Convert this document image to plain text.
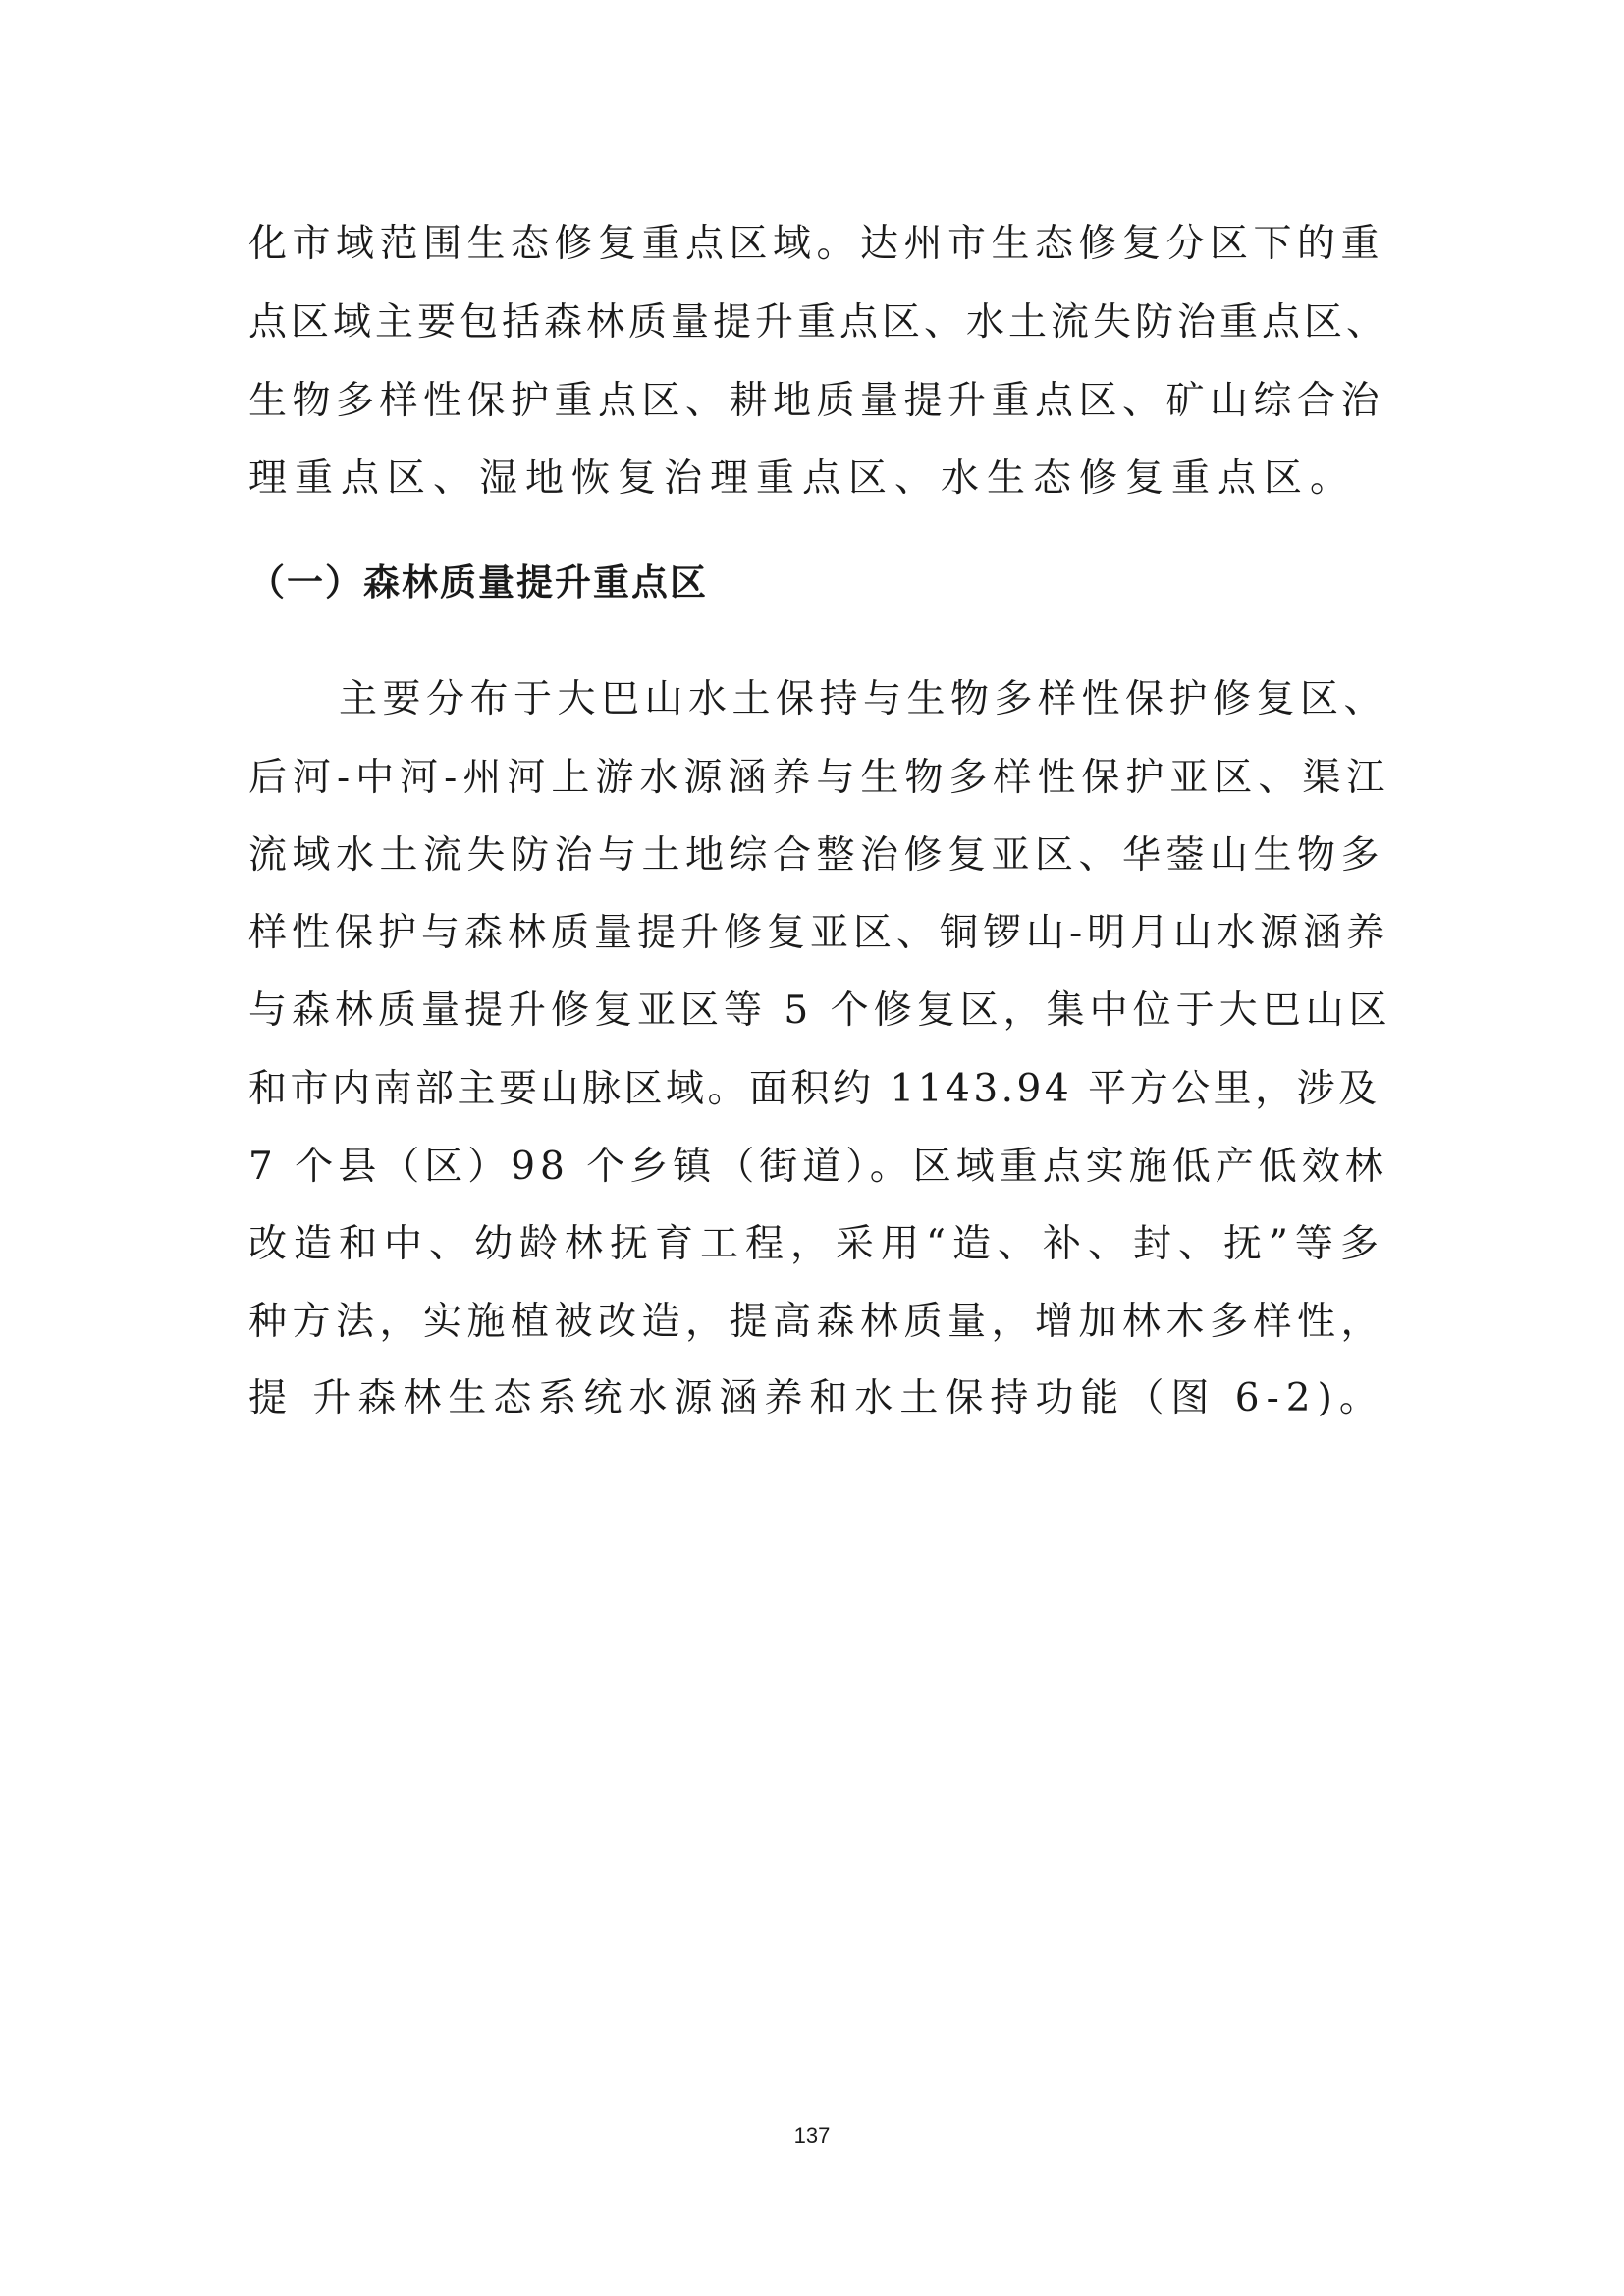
化市域范围生态修复重点区域。达州市生态修复分区下的重
点区域主要包括森林质量提升重点区、水土流失防治重点区、
生物多样性保护重点区、耕地质量提升重点区、矿山综合治
理重点区、湿地恢复治理重点区、水生态修复重点区。
（一）森林质量提升重点区
主要分布于大巴山水土保持与生物多样性保护修复区、
后河-中河-州河上游水源涵养与生物多样性保护亚区、渠江
流域水土流失防治与土地综合整治修复亚区、华蓥山生物多
样性保护与森林质量提升修复亚区、铜锣山-明月山水源涵养
与森林质量提升修复亚区等 5 个修复区，集中位于大巴山区
和市内南部主要山脉区域。面积约 1143.94 平方公里，涉及
7 个县（区）98 个乡镇（街道）。区域重点实施低产低效林
改造和中、幼龄林抚育工程，采用“造、补、封、抚”等多
种方法，实施植被改造，提高森林质量，增加林木多样性，
提 升森林生态系统水源涵养和水土保持功能（图 6-2)。
137
